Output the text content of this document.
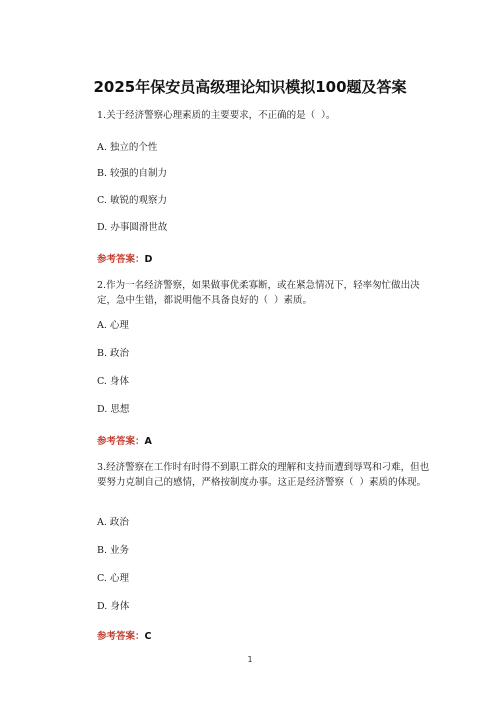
2025年保安员高级理论知识模拟100题及答案
1.关于经济警察心理素质的主要要求，不正确的是（  ）。
A. 独立的个性
B. 较强的自制力
C. 敏锐的观察力
D. 办事圆滑世故
参考答案：D
2.作为一名经济警察，如果做事优柔寡断，或在紧急情况下，轻率匆忙做出决定，急中生错，都说明他不具备良好的（  ）素质。
A. 心理
B. 政治
C. 身体
D. 思想
参考答案：A
3.经济警察在工作时有时得不到职工群众的理解和支持而遭到辱骂和刁难，但也要努力克制自己的感情，严格按制度办事。这正是经济警察（  ）素质的体现。
A. 政治
B. 业务
C. 心理
D. 身体
参考答案：C
1
